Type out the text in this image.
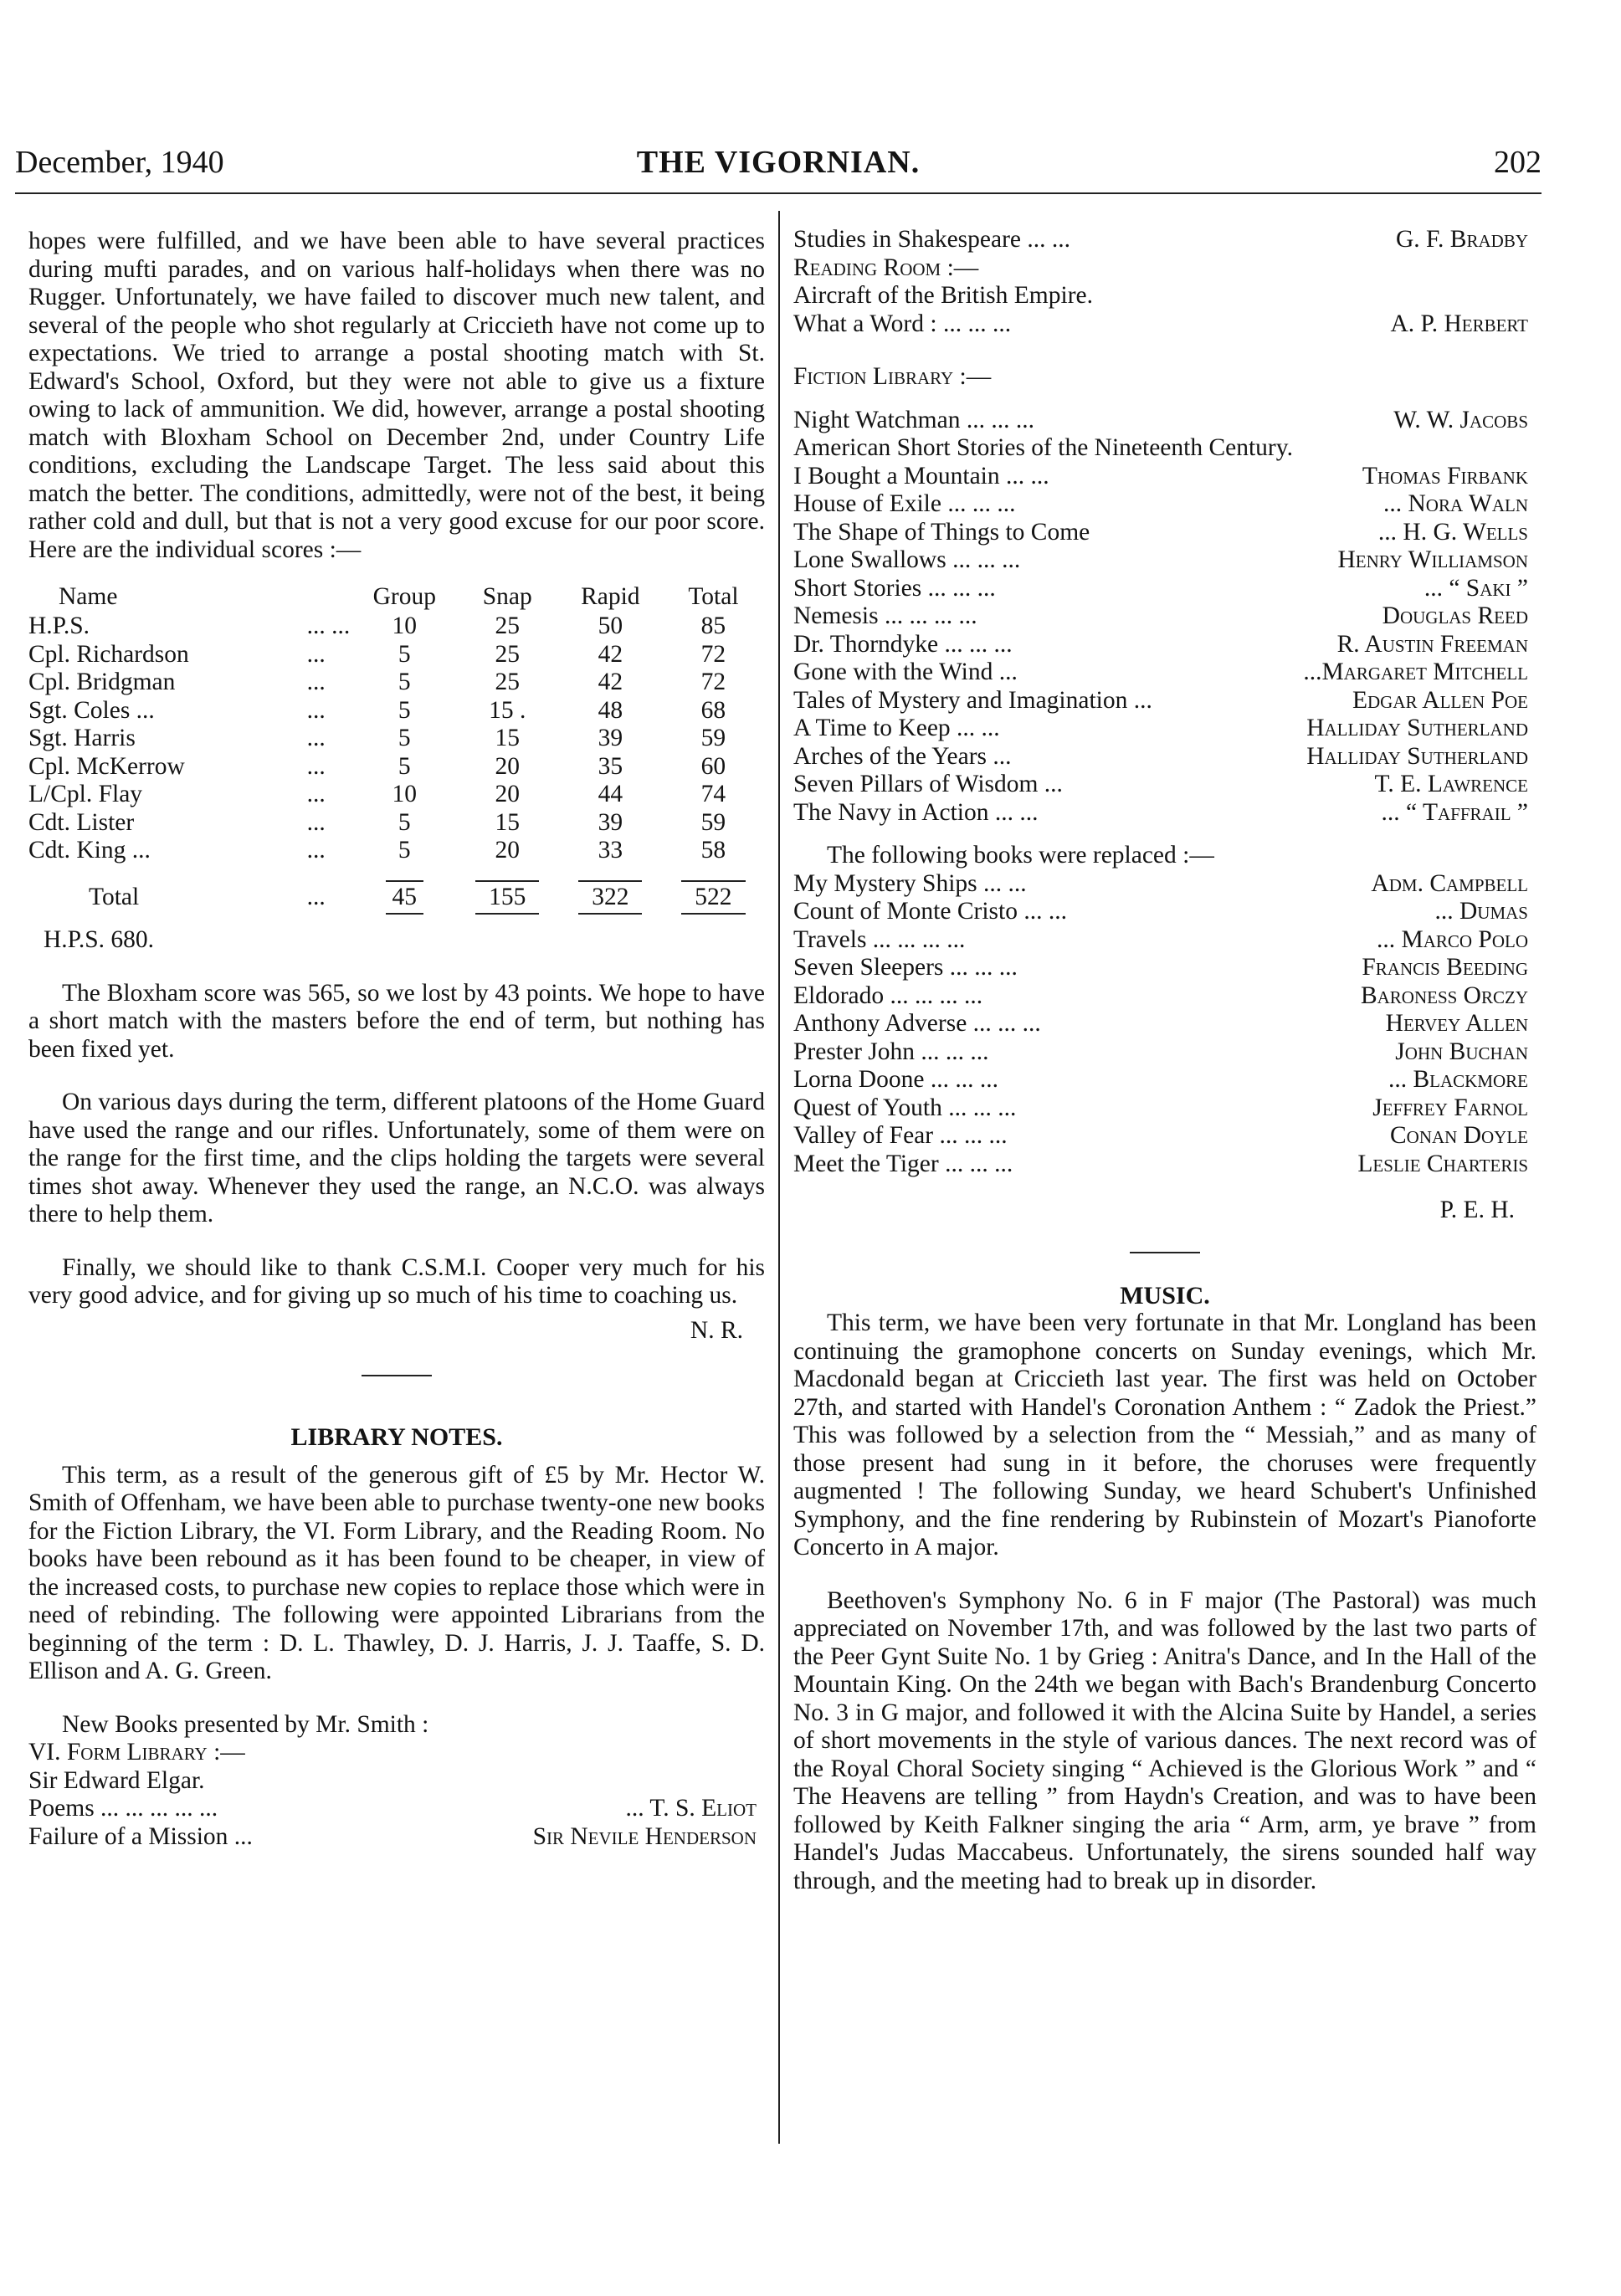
December, 1940	THE VIGORNIAN.	202

hopes were fulfilled, and we have been able to have several practices during mufti parades, and on various half-holidays when there was no Rugger. Unfortunately, we have failed to discover much new talent, and several of the people who shot regularly at Criccieth have not come up to expectations. We tried to arrange a postal shooting match with St. Edward's School, Oxford, but they were not able to give us a fixture owing to lack of ammunition. We did, however, arrange a postal shooting match with Bloxham School on December 2nd, under Country Life conditions, excluding the Landscape Target. The less said about this match the better. The conditions, admittedly, were not of the best, it being rather cold and dull, but that is not a very good excuse for our poor score. Here are the individual scores :—

Name		Group	Snap	Rapid	Total
H.P.S.	... ...	10	25	50	85
Cpl. Richardson	...	5	25	42	72
Cpl. Bridgman	...	5	25	42	72
Sgt. Coles ...	...	5	15 .	48	68
Sgt. Harris	...	5	15	39	59
Cpl. McKerrow	...	5	20	35	60
L/Cpl. Flay	...	10	20	44	74
Cdt. Lister	...	5	15	39	59
Cdt. King ...	...	5	20	33	58
Total	...	45	155	322	522

H.P.S. 680.

The Bloxham score was 565, so we lost by 43 points. We hope to have a short match with the masters before the end of term, but nothing has been fixed yet.

On various days during the term, different platoons of the Home Guard have used the range and our rifles. Unfortunately, some of them were on the range for the first time, and the clips holding the targets were several times shot away. Whenever they used the range, an N.C.O. was always there to help them.

Finally, we should like to thank C.S.M.I. Cooper very much for his very good advice, and for giving up so much of his time to coaching us.

N. R.

LIBRARY NOTES.

This term, as a result of the generous gift of £5 by Mr. Hector W. Smith of Offenham, we have been able to purchase twenty-one new books for the Fiction Library, the VI. Form Library, and the Reading Room. No books have been rebound as it has been found to be cheaper, in view of the increased costs, to purchase new copies to replace those which were in need of rebinding. The following were appointed Librarians from the beginning of the term : D. L. Thawley, D. J. Harris, J. J. Taaffe, S. D. Ellison and A. G. Green.

New Books presented by Mr. Smith :

VI. Form Library :—

Sir Edward Elgar.
Poems ... ... ... ... ...	... T. S. Eliot
Failure of a Mission ...	Sir Nevile Henderson
Studies in Shakespeare ... ...	G. F. Bradby

Reading Room :—

Aircraft of the British Empire.
What a Word : ... ... ...	A. P. Herbert

Fiction Library :—

Night Watchman ... ... ...	W. W. Jacobs
American Short Stories of the Nineteenth Century.
I Bought a Mountain ... ...	Thomas Firbank
House of Exile ... ... ...	... Nora Waln
The Shape of Things to Come	... H. G. Wells
Lone Swallows ... ... ...	Henry Williamson
Short Stories ... ... ...	... “ Saki ”
Nemesis ... ... ... ...	Douglas Reed
Dr. Thorndyke ... ... ...	R. Austin Freeman
Gone with the Wind ...	...Margaret Mitchell
Tales of Mystery and Imagination ...	Edgar Allen Poe
A Time to Keep ... ...	Halliday Sutherland
Arches of the Years ...	Halliday Sutherland
Seven Pillars of Wisdom ...	T. E. Lawrence
The Navy in Action ... ...	... “ Taffrail ”

The following books were replaced :—

My Mystery Ships ... ...	Adm. Campbell
Count of Monte Cristo ... ...	... Dumas
Travels ... ... ... ...	... Marco Polo
Seven Sleepers ... ... ...	Francis Beeding
Eldorado ... ... ... ...	Baroness Orczy
Anthony Adverse ... ... ...	Hervey Allen
Prester John ... ... ...	John Buchan
Lorna Doone ... ... ...	... Blackmore
Quest of Youth ... ... ...	Jeffrey Farnol
Valley of Fear ... ... ...	Conan Doyle
Meet the Tiger ... ... ...	Leslie Charteris

P. E. H.

MUSIC.

This term, we have been very fortunate in that Mr. Longland has been continuing the gramophone concerts on Sunday evenings, which Mr. Macdonald began at Criccieth last year. The first was held on October 27th, and started with Handel's Coronation Anthem : “ Zadok the Priest.” This was followed by a selection from the “ Messiah,” and as many of those present had sung in it before, the choruses were frequently augmented ! The following Sunday, we heard Schubert's Unfinished Symphony, and the fine rendering by Rubinstein of Mozart's Pianoforte Concerto in A major.

Beethoven's Symphony No. 6 in F major (The Pastoral) was much appreciated on November 17th, and was followed by the last two parts of the Peer Gynt Suite No. 1 by Grieg : Anitra's Dance, and In the Hall of the Mountain King. On the 24th we began with Bach's Brandenburg Concerto No. 3 in G major, and followed it with the Alcina Suite by Handel, a series of short movements in the style of various dances. The next record was of the Royal Choral Society singing “ Achieved is the Glorious Work ” and “ The Heavens are telling ” from Haydn's Creation, and was to have been followed by Keith Falkner singing the aria “ Arm, arm, ye brave ” from Handel's Judas Maccabeus. Unfortunately, the sirens sounded half way through, and the meeting had to break up in disorder.
